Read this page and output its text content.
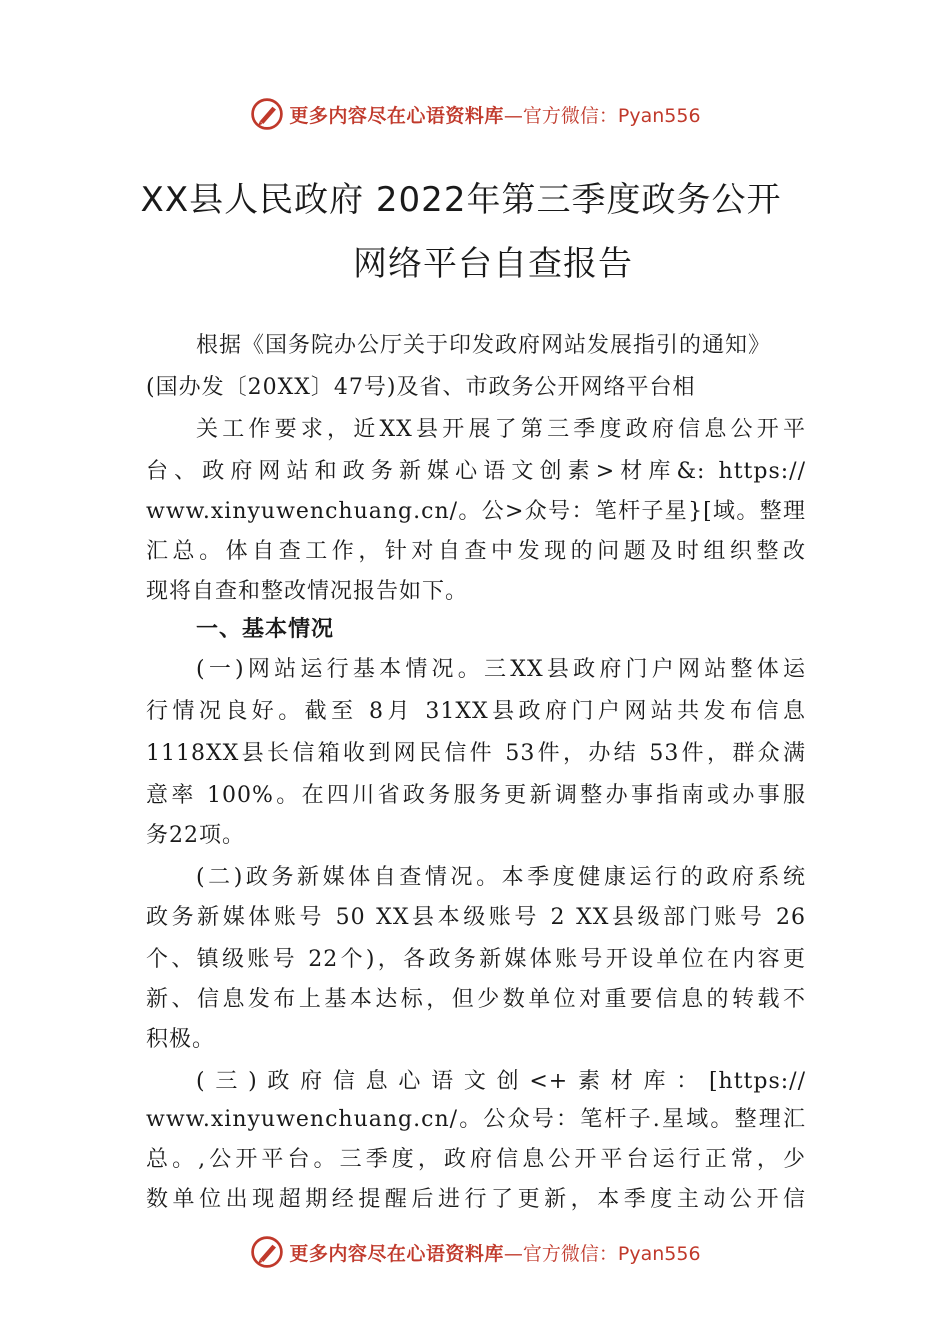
更多内容尽在心语资料库 —官方微信：Pyan556
XX县人民政府 2022年第三季度政务公开
网络平台自查报告
根据《国务院办公厅关于印发政府网站发展指引的通知》
(国办发〔20XX〕47号)及省、市政务公开网络平台相
关工作要求，近XX县开展了第三季度政府信息公开平
台、政府网站和政务新媒心语文创素>材库&: https://
www.xinyuwenchuang.cn/。公>众号：笔杆子星}[域。整理
汇总。体自查工作，针对自查中发现的问题及时组织整改
现将自查和整改情况报告如下。
一、基本情况
(一)网站运行基本情况。三XX县政府门户网站整体运
行情况良好。截至 8月 31XX县政府门户网站共发布信息
1118XX县长信箱收到网民信件 53件，办结 53件，群众满
意率 100%。在四川省政务服务更新调整办事指南或办事服
务22项。
(二)政务新媒体自查情况。本季度健康运行的政府系统
政务新媒体账号 50 XX县本级账号 2 XX县级部门账号 26
个、镇级账号 22个)，各政务新媒体账号开设单位在内容更
新、信息发布上基本达标，但少数单位对重要信息的转载不
积极。
(三)政府信息心语文创<+素材库：[https://
www.xinyuwenchuang.cn/。公众号：笔杆子.星域。整理汇
总。,公开平台。三季度，政府信息公开平台运行正常，少
数单位出现超期经提醒后进行了更新，本季度主动公开信
更多内容尽在心语资料库 —官方微信：Pyan556
